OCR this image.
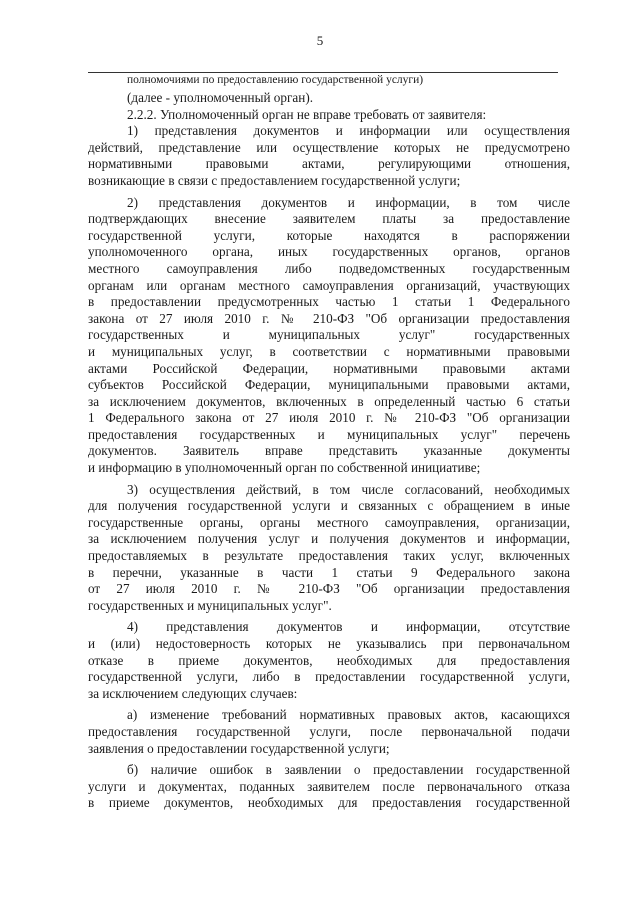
5
полномочиями по предоставлению государственной услуги)
(далее - уполномоченный орган).
2.2.2. Уполномоченный орган не вправе требовать от заявителя:
1) представления документов и информации или осуществления
действий, представление или осуществление которых не предусмотрено
нормативными правовыми актами, регулирующими отношения,
возникающие в связи с предоставлением государственной услуги;
2) представления документов и информации, в том числе
подтверждающих внесение заявителем платы за предоставление
государственной услуги, которые находятся в распоряжении
уполномоченного органа, иных государственных органов, органов
местного самоуправления либо подведомственных государственным
органам или органам местного самоуправления организаций, участвующих
в предоставлении предусмотренных частью 1 статьи 1 Федерального
закона от 27 июля 2010 г. № 210-ФЗ "Об организации предоставления
государственных и муниципальных услуг" государственных
и муниципальных услуг, в соответствии с нормативными правовыми
актами Российской Федерации, нормативными правовыми актами
субъектов Российской Федерации, муниципальными правовыми актами,
за исключением документов, включенных в определенный частью 6 статьи
1 Федерального закона от 27 июля 2010 г. № 210-ФЗ "Об организации
предоставления государственных и муниципальных услуг" перечень
документов. Заявитель вправе представить указанные документы
и информацию в уполномоченный орган по собственной инициативе;
3) осуществления действий, в том числе согласований, необходимых
для получения государственной услуги и связанных с обращением в иные
государственные органы, органы местного самоуправления, организации,
за исключением получения услуг и получения документов и информации,
предоставляемых в результате предоставления таких услуг, включенных
в перечни, указанные в части 1 статьи 9 Федерального закона
от 27 июля 2010 г. № 210-ФЗ "Об организации предоставления
государственных и муниципальных услуг".
4) представления документов и информации, отсутствие
и (или) недостоверность которых не указывались при первоначальном
отказе в приеме документов, необходимых для предоставления
государственной услуги, либо в предоставлении государственной услуги,
за исключением следующих случаев:
а) изменение требований нормативных правовых актов, касающихся
предоставления государственной услуги, после первоначальной подачи
заявления о предоставлении государственной услуги;
б) наличие ошибок в заявлении о предоставлении государственной
услуги и документах, поданных заявителем после первоначального отказа
в приеме документов, необходимых для предоставления государственной
